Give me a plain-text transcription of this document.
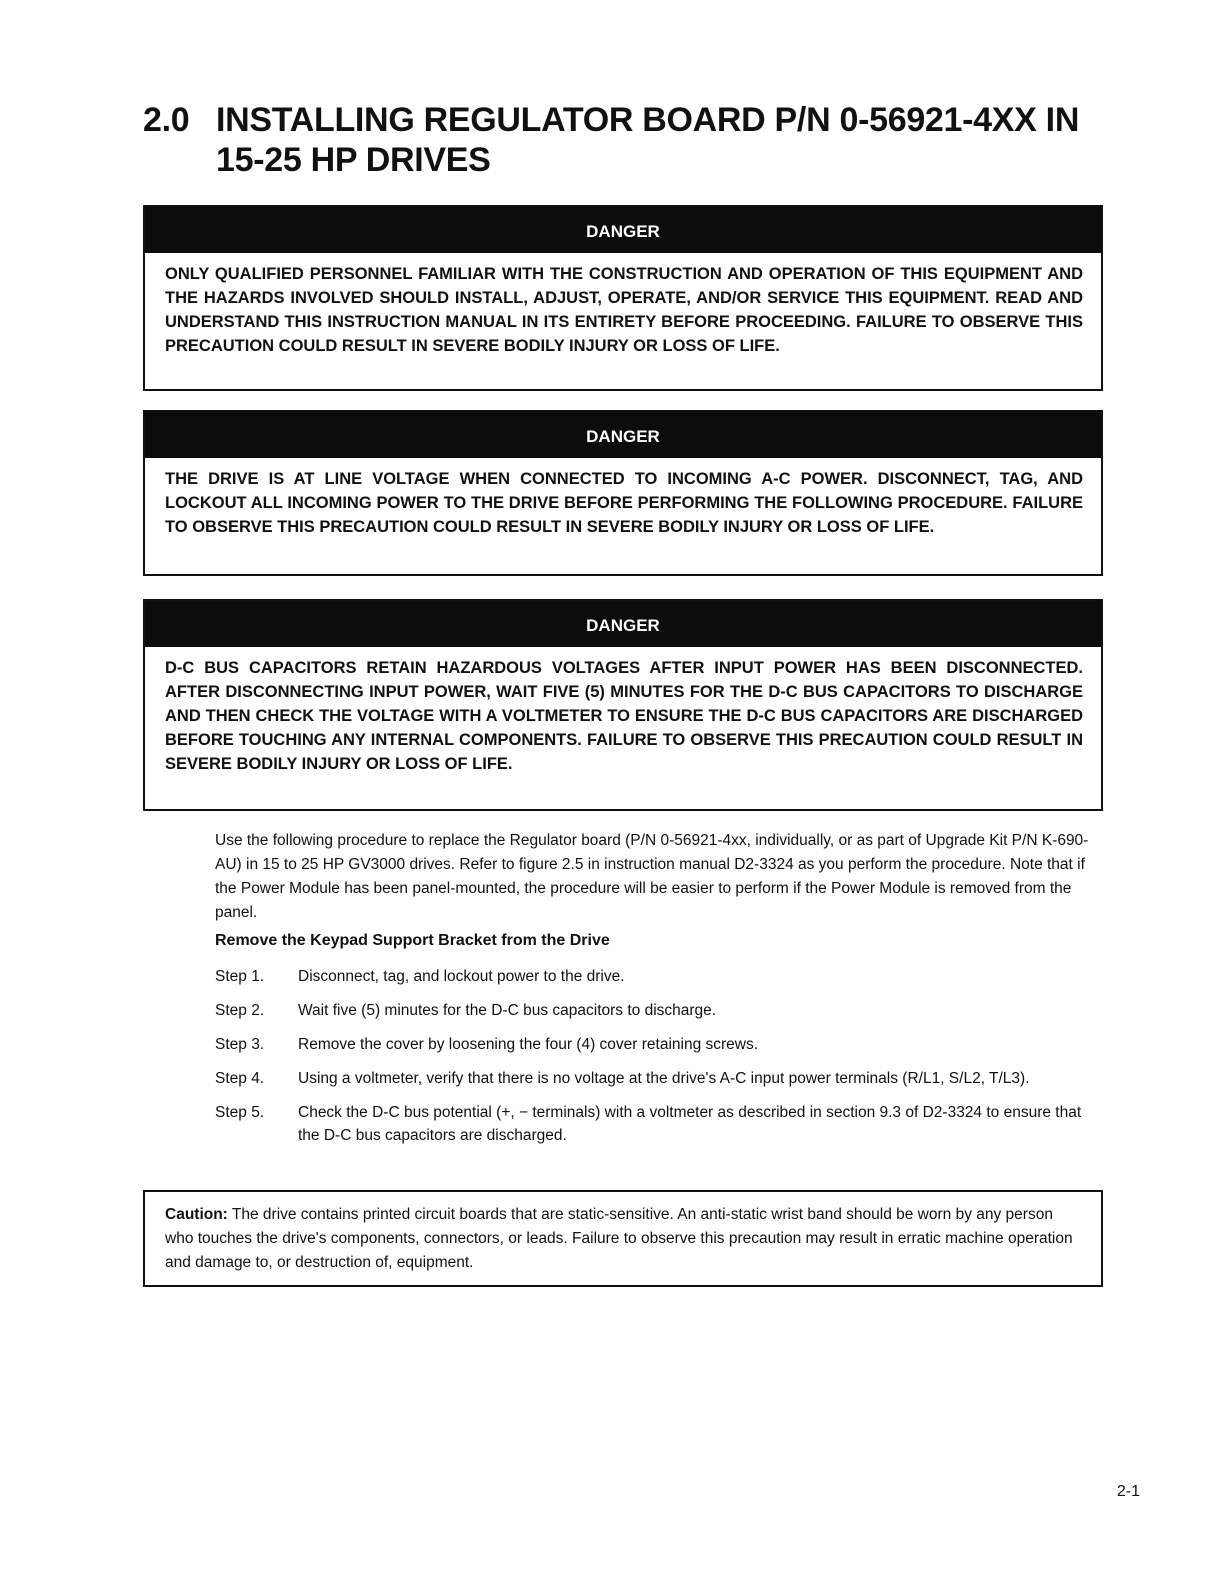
2.0 INSTALLING REGULATOR BOARD P/N 0-56921-4XX IN 15-25 HP DRIVES
DANGER
ONLY QUALIFIED PERSONNEL FAMILIAR WITH THE CONSTRUCTION AND OPERATION OF THIS EQUIPMENT AND THE HAZARDS INVOLVED SHOULD INSTALL, ADJUST, OPERATE, AND/OR SERVICE THIS EQUIPMENT. READ AND UNDERSTAND THIS INSTRUCTION MANUAL IN ITS ENTIRETY BEFORE PROCEEDING. FAILURE TO OBSERVE THIS PRECAUTION COULD RESULT IN SEVERE BODILY INJURY OR LOSS OF LIFE.
DANGER
THE DRIVE IS AT LINE VOLTAGE WHEN CONNECTED TO INCOMING A-C POWER. DISCONNECT, TAG, AND LOCKOUT ALL INCOMING POWER TO THE DRIVE BEFORE PERFORMING THE FOLLOWING PROCEDURE. FAILURE TO OBSERVE THIS PRECAUTION COULD RESULT IN SEVERE BODILY INJURY OR LOSS OF LIFE.
DANGER
D-C BUS CAPACITORS RETAIN HAZARDOUS VOLTAGES AFTER INPUT POWER HAS BEEN DISCONNECTED. AFTER DISCONNECTING INPUT POWER, WAIT FIVE (5) MINUTES FOR THE D-C BUS CAPACITORS TO DISCHARGE AND THEN CHECK THE VOLTAGE WITH A VOLTMETER TO ENSURE THE D-C BUS CAPACITORS ARE DISCHARGED BEFORE TOUCHING ANY INTERNAL COMPONENTS. FAILURE TO OBSERVE THIS PRECAUTION COULD RESULT IN SEVERE BODILY INJURY OR LOSS OF LIFE.

Use the following procedure to replace the Regulator board (P/N 0-56921-4xx, individually, or as part of Upgrade Kit P/N K-690-AU) in 15 to 25 HP GV3000 drives. Refer to figure 2.5 in instruction manual D2-3324 as you perform the procedure. Note that if the Power Module has been panel-mounted, the procedure will be easier to perform if the Power Module is removed from the panel.

Remove the Keypad Support Bracket from the Drive
Step 1.	Disconnect, tag, and lockout power to the drive.
Step 2.	Wait five (5) minutes for the D-C bus capacitors to discharge.
Step 3.	Remove the cover by loosening the four (4) cover retaining screws.
Step 4.	Using a voltmeter, verify that there is no voltage at the drive's A-C input power terminals (R/L1, S/L2, T/L3).
Step 5.	Check the D-C bus potential (+, − terminals) with a voltmeter as described in section 9.3 of D2-3324 to ensure that the D-C bus capacitors are discharged.
Caution: The drive contains printed circuit boards that are static-sensitive. An anti-static wrist band should be worn by any person who touches the drive's components, connectors, or leads. Failure to observe this precaution may result in erratic machine operation and damage to, or destruction of, equipment.
2-1
